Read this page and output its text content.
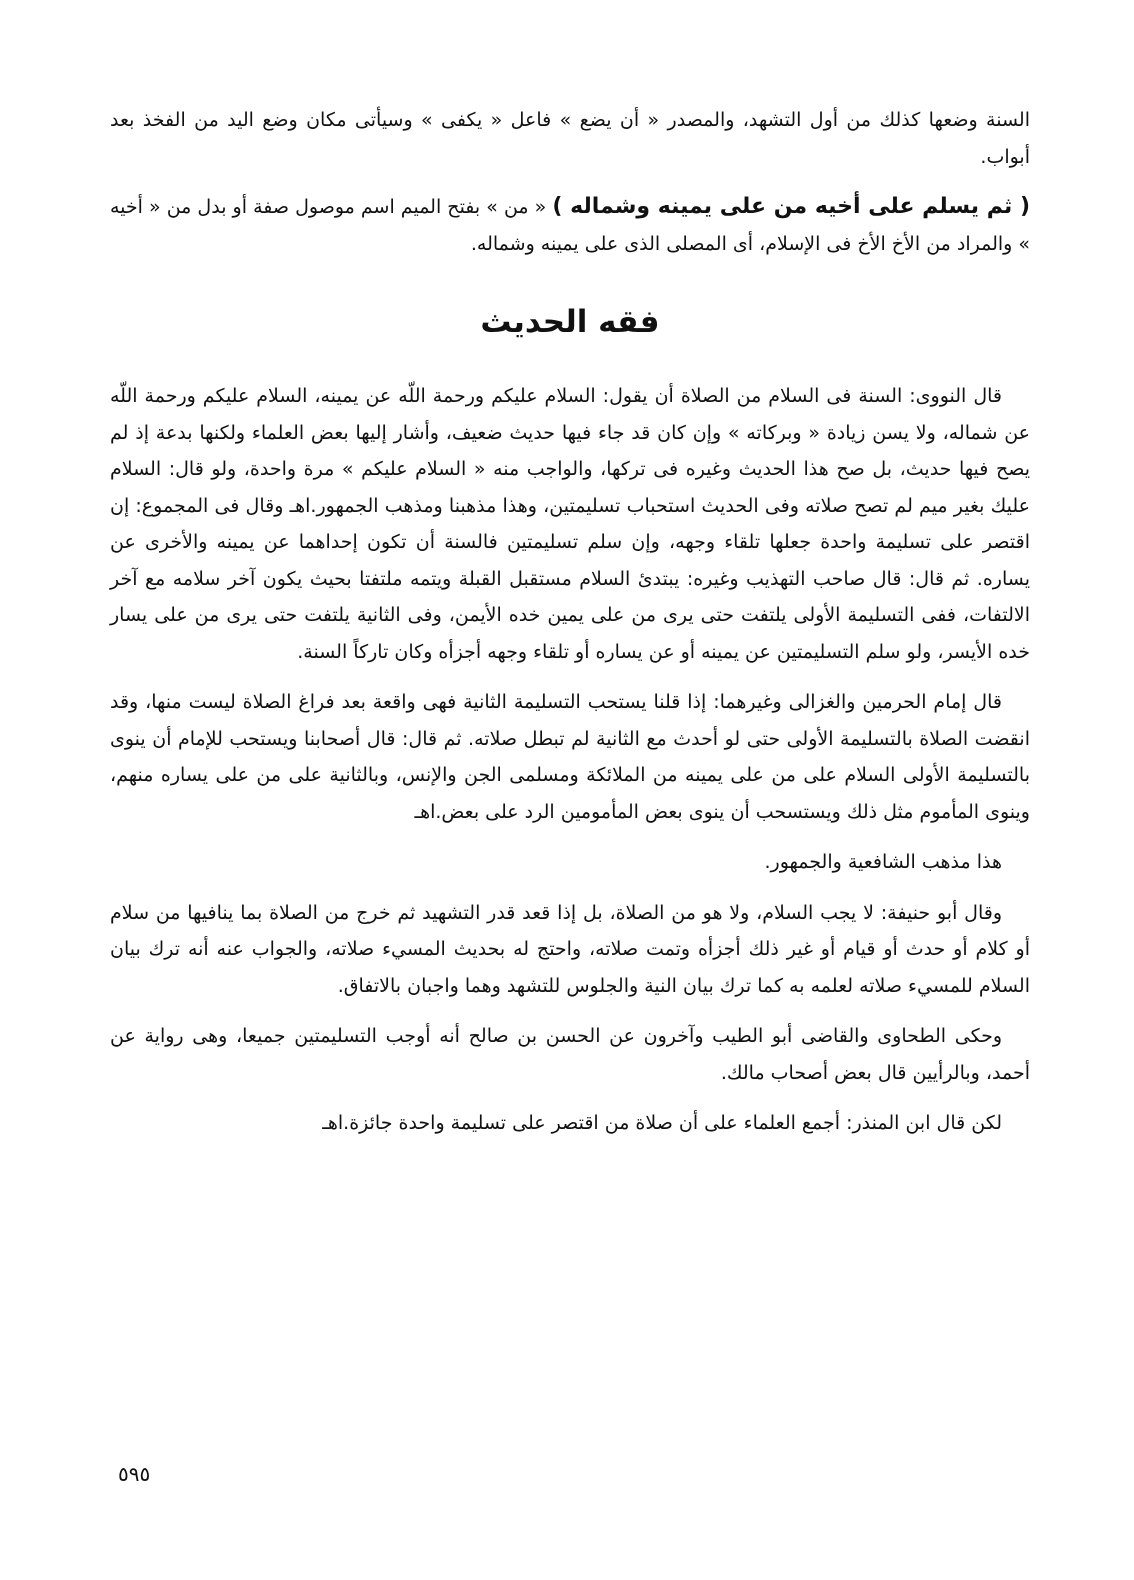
السنة وضعها كذلك من أول التشهد، والمصدر « أن يضع » فاعل « يكفى » وسيأتى مكان وضع اليد من الفخذ بعد أبواب.

( ثم يسلم على أخيه من على يمينه وشماله ) « من » بفتح الميم اسم موصول صفة أو بدل من « أخيه » والمراد من الأخ الأخ فى الإسلام، أى المصلى الذى على يمينه وشماله.

فقه الحديث

قال النووى: السنة فى السلام من الصلاة أن يقول: السلام عليكم ورحمة اللّه عن يمينه، السلام عليكم ورحمة اللّه عن شماله، ولا يسن زيادة « وبركاته » وإن كان قد جاء فيها حديث ضعيف، وأشار إليها بعض العلماء ولكنها بدعة إذ لم يصح فيها حديث، بل صح هذا الحديث وغيره فى تركها، والواجب منه « السلام عليكم » مرة واحدة، ولو قال: السلام عليك بغير ميم لم تصح صلاته وفى الحديث استحباب تسليمتين، وهذا مذهبنا ومذهب الجمهور.اهـ وقال فى المجموع: إن اقتصر على تسليمة واحدة جعلها تلقاء وجهه، وإن سلم تسليمتين فالسنة أن تكون إحداهما عن يمينه والأخرى عن يساره. ثم قال: قال صاحب التهذيب وغيره: يبتدئ السلام مستقبل القبلة ويتمه ملتفتا بحيث يكون آخر سلامه مع آخر الالتفات، ففى التسليمة الأولى يلتفت حتى يرى من على يمين خده الأيمن، وفى الثانية يلتفت حتى يرى من على يسار خده الأيسر، ولو سلم التسليمتين عن يمينه أو عن يساره أو تلقاء وجهه أجزأه وكان تاركاً السنة.

قال إمام الحرمين والغزالى وغيرهما: إذا قلنا يستحب التسليمة الثانية فهى واقعة بعد فراغ الصلاة ليست منها، وقد انقضت الصلاة بالتسليمة الأولى حتى لو أحدث مع الثانية لم تبطل صلاته. ثم قال: قال أصحابنا ويستحب للإمام أن ينوى بالتسليمة الأولى السلام على من على يمينه من الملائكة ومسلمى الجن والإنس، وبالثانية على من على يساره منهم، وينوى المأموم مثل ذلك ويستسحب أن ينوى بعض المأمومين الرد على بعض.اهـ

هذا مذهب الشافعية والجمهور.

وقال أبو حنيفة: لا يجب السلام، ولا هو من الصلاة، بل إذا قعد قدر التشهيد ثم خرج من الصلاة بما ينافيها من سلام أو كلام أو حدث أو قيام أو غير ذلك أجزأه وتمت صلاته، واحتج له بحديث المسيء صلاته، والجواب عنه أنه ترك بيان السلام للمسيء صلاته لعلمه به كما ترك بيان النية والجلوس للتشهد وهما واجبان بالاتفاق.

وحكى الطحاوى والقاضى أبو الطيب وآخرون عن الحسن بن صالح أنه أوجب التسليمتين جميعا، وهى رواية عن أحمد، وبالرأيين قال بعض أصحاب مالك.

لكن قال ابن المنذر: أجمع العلماء على أن صلاة من اقتصر على تسليمة واحدة جائزة.اهـ

٥٩٥
